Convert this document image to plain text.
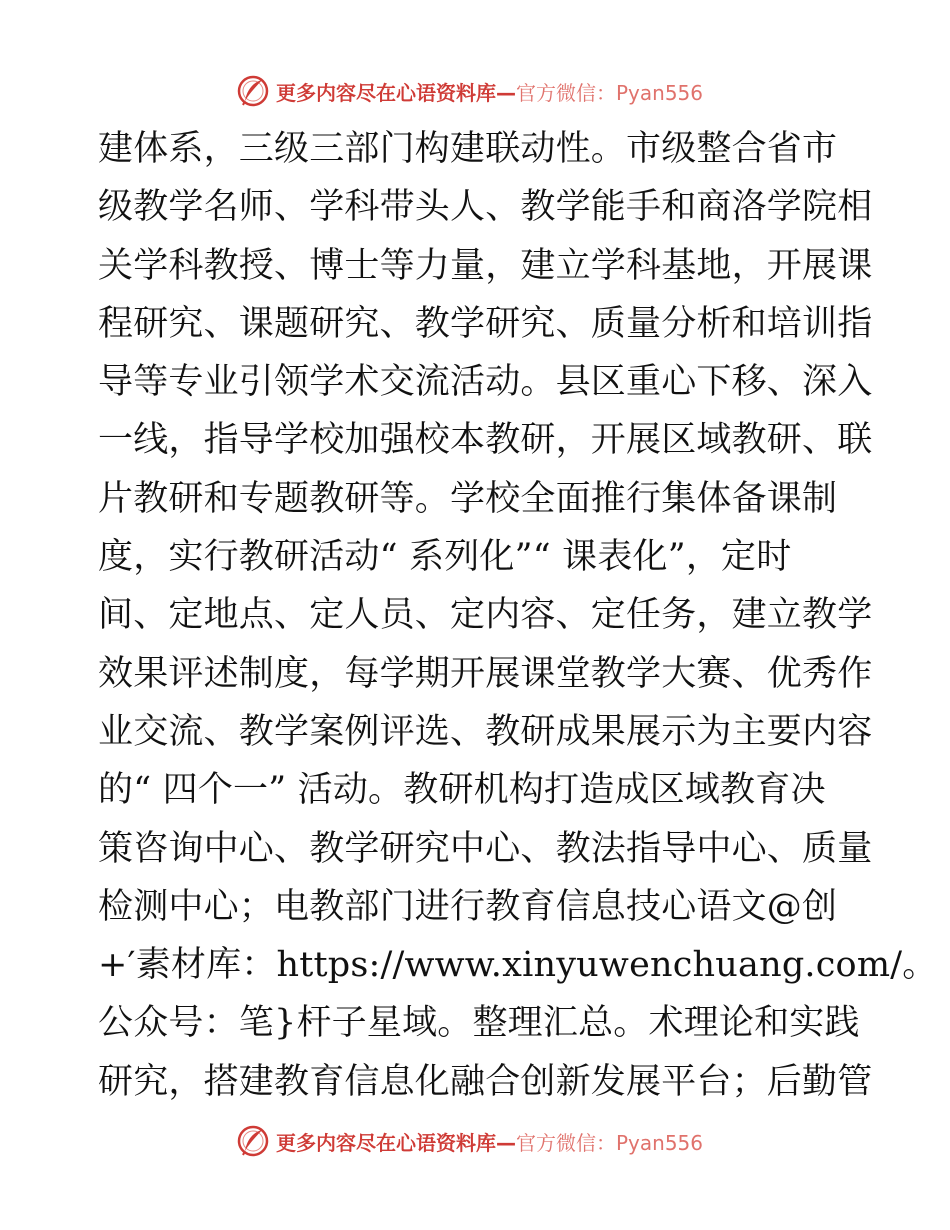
更多内容尽在心语资料库—官方微信：Pyan556
建体系，三级三部门构建联动性。市级整合省市
级教学名师、学科带头人、教学能手和商洛学院相
关学科教授、博士等力量，建立学科基地，开展课
程研究、课题研究、教学研究、质量分析和培训指
导等专业引领学术交流活动。县区重心下移、深入
一线，指导学校加强校本教研，开展区域教研、联
片教研和专题教研等。学校全面推行集体备课制
度，实行教研活动“ 系列化”“ 课表化”，定时
间、定地点、定人员、定内容、定任务，建立教学
效果评述制度，每学期开展课堂教学大赛、优秀作
业交流、教学案例评选、教研成果展示为主要内容
的“ 四个一” 活动。教研机构打造成区域教育决
策咨询中心、教学研究中心、教法指导中心、质量
检测中心；电教部门进行教育信息技心语文@创
+′素材库：https://www.xinyuwenchuang.com/。
公众号：笔}杆子星域。整理汇总。术理论和实践
研究，搭建教育信息化融合创新发展平台；后勤管
更多内容尽在心语资料库—官方微信：Pyan556
